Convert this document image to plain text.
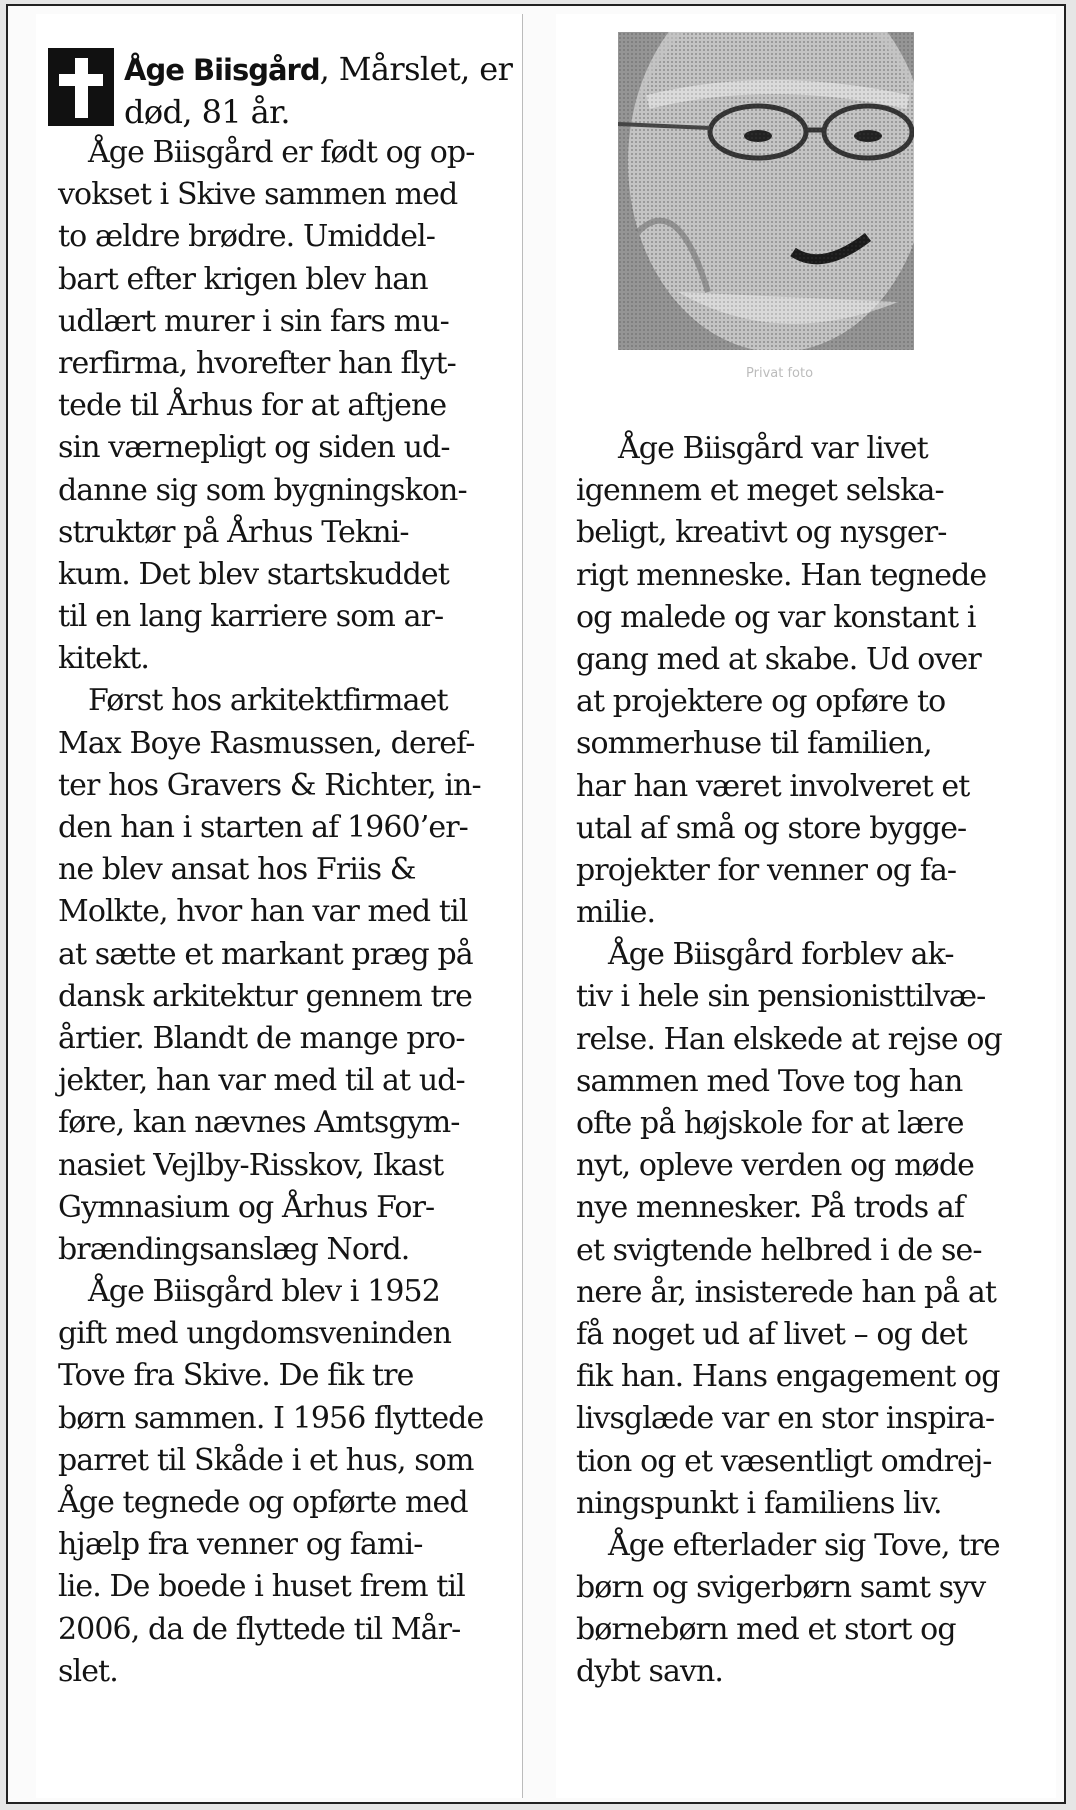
Åge Biisgård, Mårslet, er
død, 81 år.
Åge Biisgård er født og op-
vokset i Skive sammen med
to ældre brødre. Umiddel-
bart efter krigen blev han
udlært murer i sin fars mu-
rerfirma, hvorefter han flyt-
tede til Århus for at aftjene
sin værnepligt og siden ud-
danne sig som bygningskon-
struktør på Århus Tekni-
kum. Det blev startskuddet
til en lang karriere som ar-
kitekt.
Først hos arkitektfirmaet
Max Boye Rasmussen, deref-
ter hos Gravers & Richter, in-
den han i starten af 1960’er-
ne blev ansat hos Friis &
Molkte, hvor han var med til
at sætte et markant præg på
dansk arkitektur gennem tre
årtier. Blandt de mange pro-
jekter, han var med til at ud-
føre, kan nævnes Amtsgym-
nasiet Vejlby-Risskov, Ikast
Gymnasium og Århus For-
brændingsanslæg Nord.
Åge Biisgård blev i 1952
gift med ungdomsveninden
Tove fra Skive. De fik tre
børn sammen. I 1956 flyttede
parret til Skåde i et hus, som
Åge tegnede og opførte med
hjælp fra venner og fami-
lie. De boede i huset frem til
2006, da de flyttede til Mår-
slet.
Privat foto
Åge Biisgård var livet
igennem et meget selska-
beligt, kreativt og nysger-
rigt menneske. Han tegnede
og malede og var konstant i
gang med at skabe. Ud over
at projektere og opføre to
sommerhuse til familien,
har han været involveret et
utal af små og store bygge-
projekter for venner og fa-
milie.
Åge Biisgård forblev ak-
tiv i hele sin pensionisttilvæ-
relse. Han elskede at rejse og
sammen med Tove tog han
ofte på højskole for at lære
nyt, opleve verden og møde
nye mennesker. På trods af
et svigtende helbred i de se-
nere år, insisterede han på at
få noget ud af livet – og det
fik han. Hans engagement og
livsglæde var en stor inspira-
tion og et væsentligt omdrej-
ningspunkt i familiens liv.
Åge efterlader sig Tove, tre
børn og svigerbørn samt syv
børnebørn med et stort og
dybt savn.
